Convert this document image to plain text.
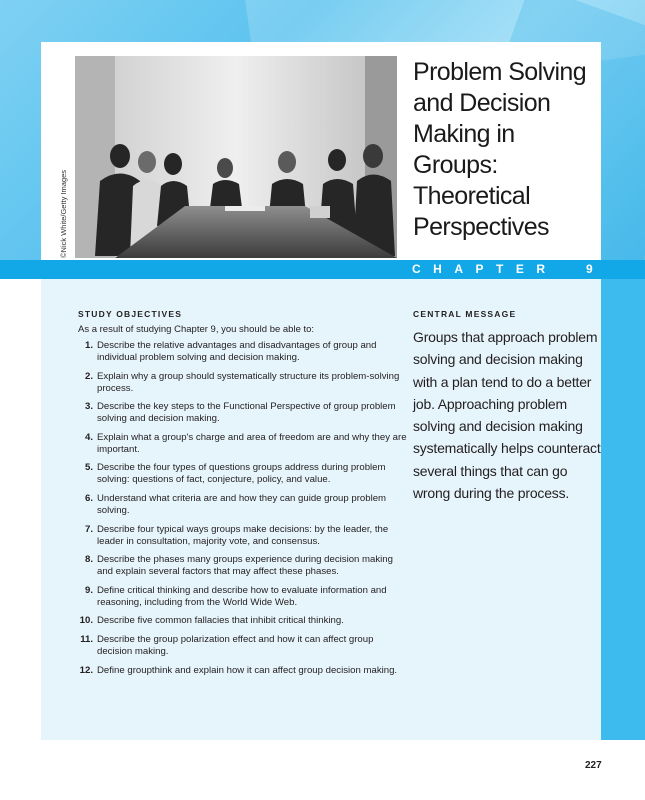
©Nick White/Getty Images
Problem Solving
and Decision
Making in
Groups:
Theoretical
Perspectives
CHAPTER 9
STUDY OBJECTIVES
As a result of studying Chapter 9, you should be able to:
1. Describe the relative advantages and disadvantages of group and individual problem solving and decision making.
2. Explain why a group should systematically structure its problem-solving process.
3. Describe the key steps to the Functional Perspective of group problem solving and decision making.
4. Explain what a group's charge and area of freedom are and why they are important.
5. Describe the four types of questions groups address during problem solving: questions of fact, conjecture, policy, and value.
6. Understand what criteria are and how they can guide group problem solving.
7. Describe four typical ways groups make decisions: by the leader, the leader in consultation, majority vote, and consensus.
8. Describe the phases many groups experience during decision making and explain several factors that may affect these phases.
9. Define critical thinking and describe how to evaluate information and reasoning, including from the World Wide Web.
10. Describe five common fallacies that inhibit critical thinking.
11. Describe the group polarization effect and how it can affect group decision making.
12. Define groupthink and explain how it can affect group decision making.
CENTRAL MESSAGE
Groups that approach problem solving and decision making with a plan tend to do a better job. Approaching problem solving and decision making systematically helps counteract several things that can go wrong during the process.
227
